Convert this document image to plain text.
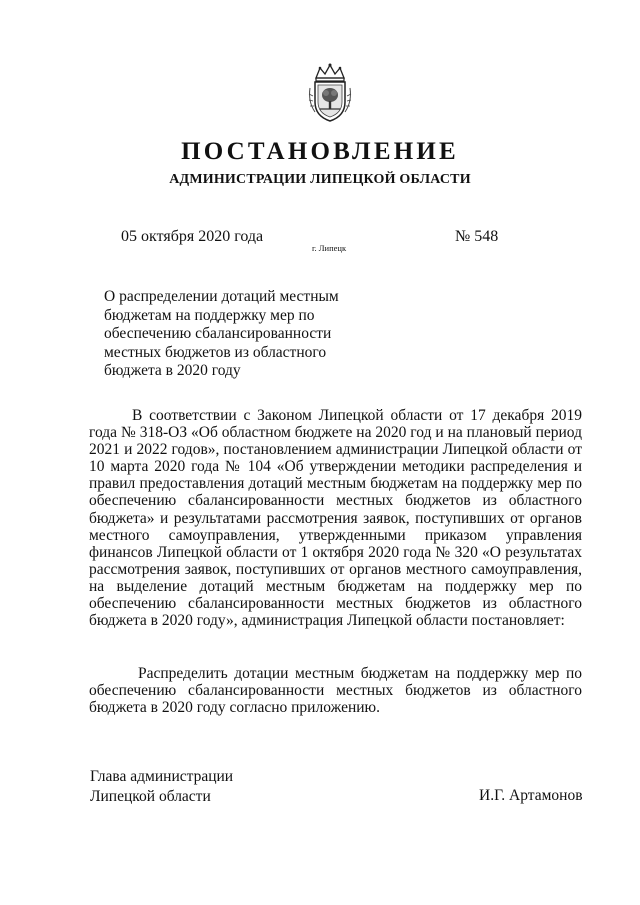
ПОСТАНОВЛЕНИЕ
АДМИНИСТРАЦИИ ЛИПЕЦКОЙ ОБЛАСТИ
05 октября 2020 года
г. Липецк
№ 548
О распределении дотаций местным
бюджетам на поддержку мер по
обеспечению сбалансированности
местных бюджетов из областного
бюджета в 2020 году
В соответствии с Законом Липецкой области от 17 декабря 2019 года № 318-ОЗ «Об областном бюджете на 2020 год и на плановый период 2021 и 2022 годов», постановлением администрации Липецкой области от 10 марта 2020 года № 104 «Об утверждении методики распределения и правил предоставления дотаций местным бюджетам на поддержку мер по обеспечению сбалансированности местных бюджетов из областного бюджета» и результатами рассмотрения заявок, поступивших от органов местного самоуправления, утвержденными приказом управления финансов Липецкой области от 1 октября 2020 года № 320 «О результатах рассмотрения заявок, поступивших от органов местного самоуправления, на выделение дотаций местным бюджетам на поддержку мер по обеспечению сбалансированности местных бюджетов из областного бюджета в 2020 году», администрация Липецкой области постановляет:
Распределить дотации местным бюджетам на поддержку мер по обеспечению сбалансированности местных бюджетов из областного бюджета в 2020 году согласно приложению.
Глава администрации
Липецкой области	И.Г. Артамонов
